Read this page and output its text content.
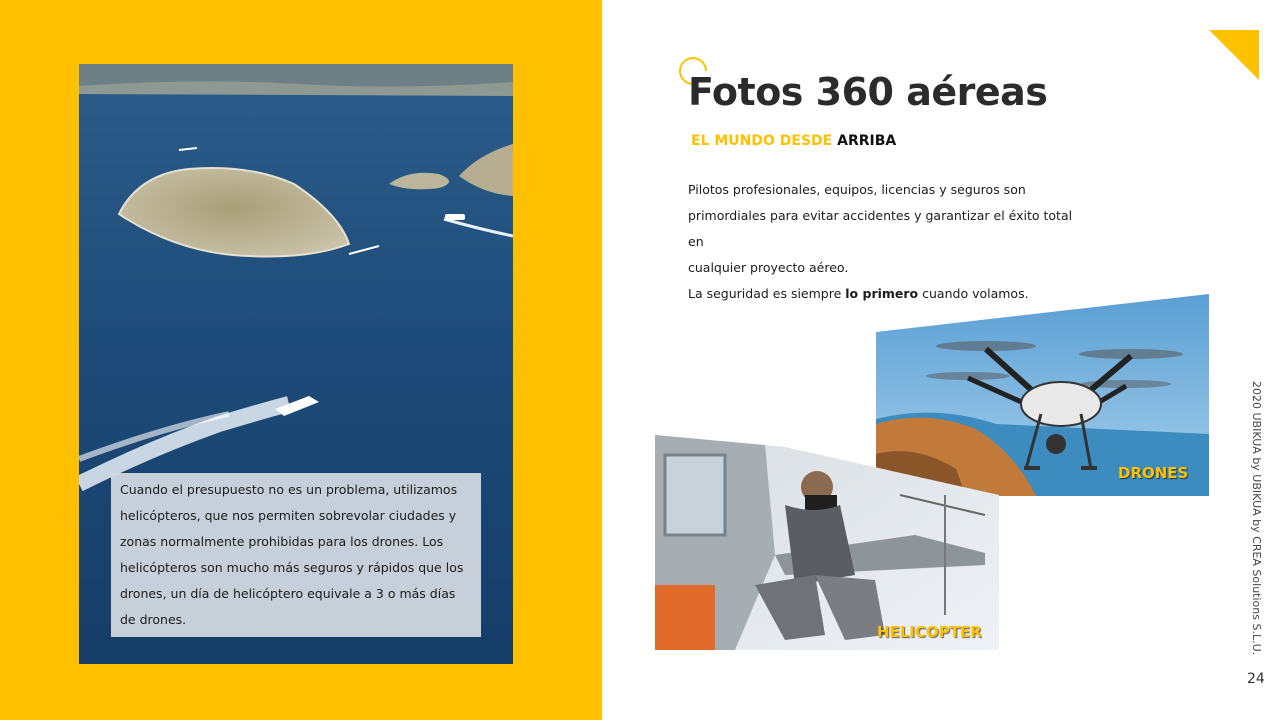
Cuando el presupuesto no es un problema, utilizamos helicópteros, que nos permiten sobrevolar ciudades y zonas normalmente prohibidas para los drones. Los helicópteros son mucho más seguros y rápidos que los drones, un día de helicóptero equivale a 3 o más días de drones.
Fotos 360 aéreas
EL MUNDO DESDE ARRIBA
Pilotos profesionales, equipos, licencias y seguros son
primordiales para evitar accidentes y garantizar el éxito total en
cualquier proyecto aéreo.
La seguridad es siempre lo primero cuando volamos.
DRONES
HELICOPTER	2020 UBIKUA by UBIKUA by CREA Solutions S.L.U.
24
